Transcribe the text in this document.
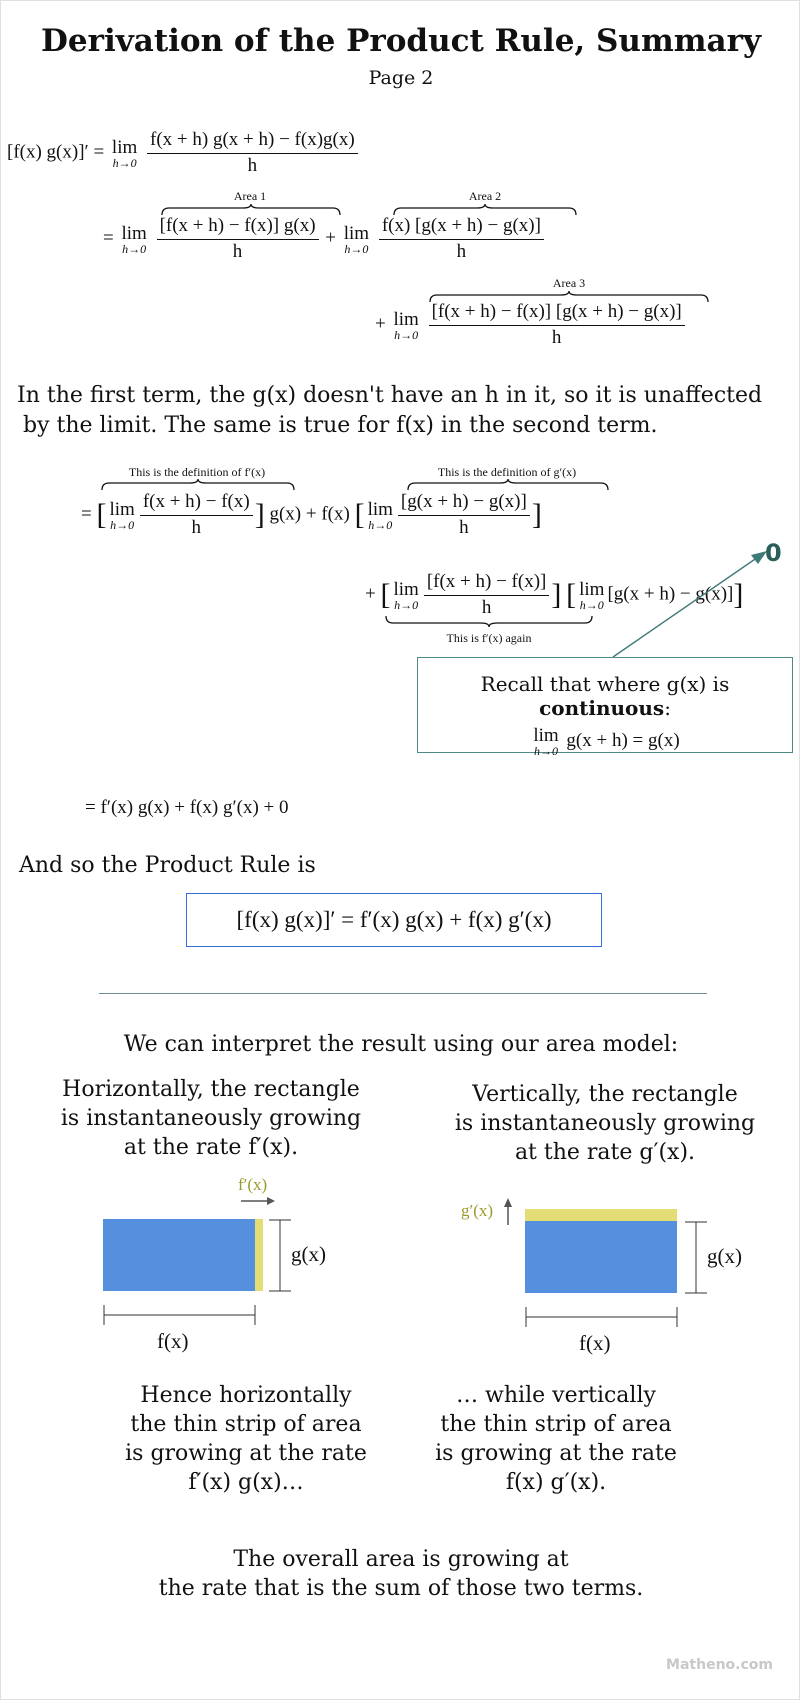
Derivation of the Product Rule, Summary
Page 2
[f(x) g(x)]′ = lim
h→0
$\frac{f(x + h) g(x + h) - f(x)g(x)}{h}$
Area 1	Area 2
= lim
h→0
$\frac{[f(x + h) - f(x)] g(x)}{h} + \lim$
h→0
$\frac{f(x) [g(x + h) - g(x)]}{h}$
Area 3
+ lim
h→0
$\frac{[f(x + h) - f(x)] [g(x + h) - g(x)]}{h}$
In the first term, the g(x) doesn't have an h in it, so it is unaffected
by the limit. The same is true for f(x) in the second term.
This is the definition of f′(x)	This is the definition of g′(x)
= [ lim
$h\to 0 \frac{f(x + h) - f(x)}{h}$ ] g(x) + f(x) [ lim
$h\to 0 \frac{[g(x + h) - g(x)]}{h}$ ]
+ [ lim
$h\to 0 \frac{[f(x + h) - f(x)]}{h}$ ] [ lim
h→0
[g(x + h) − g(x)]]
This is f′(x) again
0
Recall that where g(x) is continuous:
lim
h→0
g(x + h) = g(x)
= f′(x) g(x) + f(x) g′(x) + 0
And so the Product Rule is
[f(x) g(x)]′ = f′(x) g(x) + f(x) g′(x)
We can interpret the result using our area model:
Horizontally, the rectangle
is instantaneously growing
at the rate f′(x).
Vertically, the rectangle
is instantaneously growing
at the rate g′(x).
f′(x)
g(x)
f(x)
g′(x)
g(x)
f(x)
Hence horizontally
the thin strip of area
is growing at the rate
f′(x) g(x)…
… while vertically
the thin strip of area
is growing at the rate
f(x) g′(x).
The overall area is growing at
the rate that is the sum of those two terms.
Matheno.com
